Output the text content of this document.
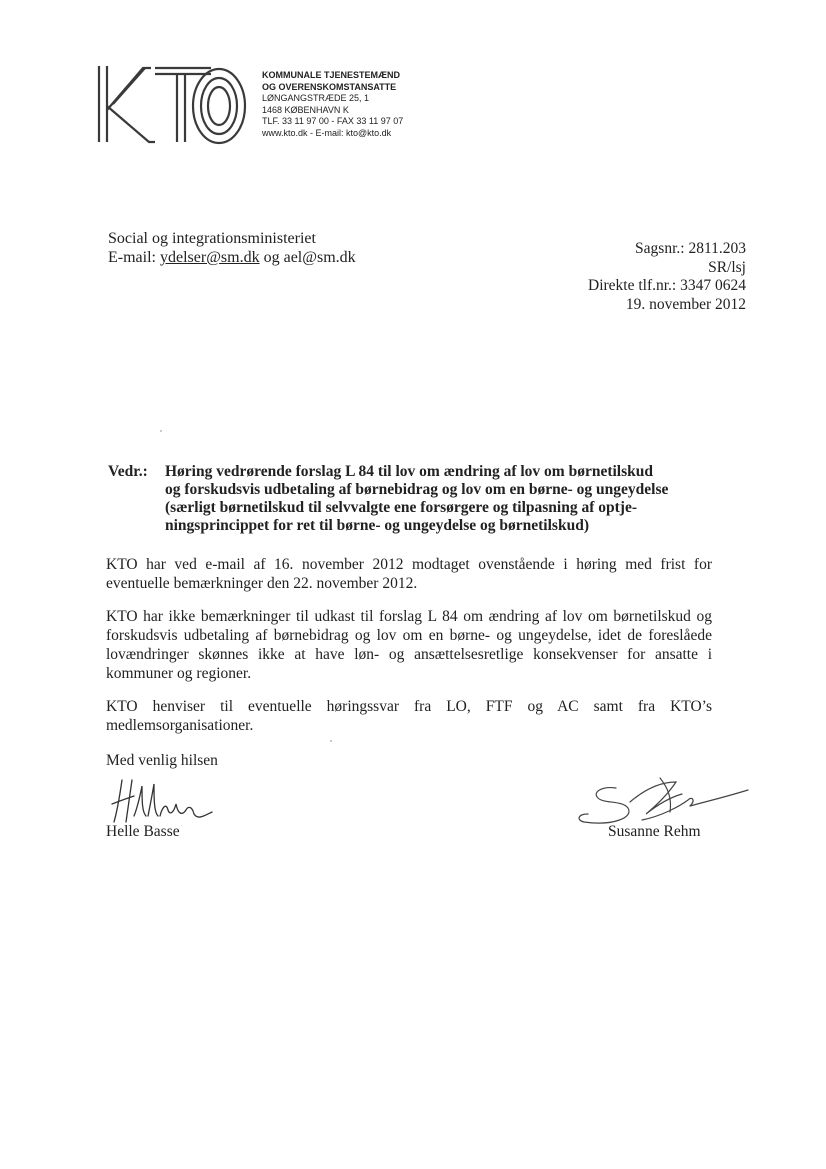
KOMMUNALE TJENESTEMÆND
OG OVERENSKOMSTANSATTE
LØNGANGSTRÆDE 25, 1
1468 KØBENHAVN K
TLF. 33 11 97 00 - FAX 33 11 97 07
www.kto.dk - E-mail: kto@kto.dk
Social og integrationsministeriet
E-mail: ydelser@sm.dk og ael@sm.dk
Sagsnr.: 2811.203
SR/lsj
Direkte tlf.nr.: 3347 0624
19. november 2012
Vedr.: Høring vedrørende forslag L 84 til lov om ændring af lov om børnetilskud
og forskudsvis udbetaling af børnebidrag og lov om en børne- og ungeydelse
(særligt børnetilskud til selvvalgte ene forsørgere og tilpasning af optje-
ningsprincippet for ret til børne- og ungeydelse og børnetilskud)
KTO har ved e-mail af 16. november 2012 modtaget ovenstående i høring med frist for eventuelle bemærkninger den 22. november 2012.
KTO har ikke bemærkninger til udkast til forslag L 84 om ændring af lov om børnetilskud og forskudsvis udbetaling af børnebidrag og lov om en børne- og ungeydelse, idet de foreslåede lovændringer skønnes ikke at have løn- og ansættelsesretlige konsekvenser for ansatte i kommuner og regioner.
KTO henviser til eventuelle høringssvar fra LO, FTF og AC samt fra KTO’s medlemsorganisationer.
Med venlig hilsen
Helle Basse	Susanne Rehm
